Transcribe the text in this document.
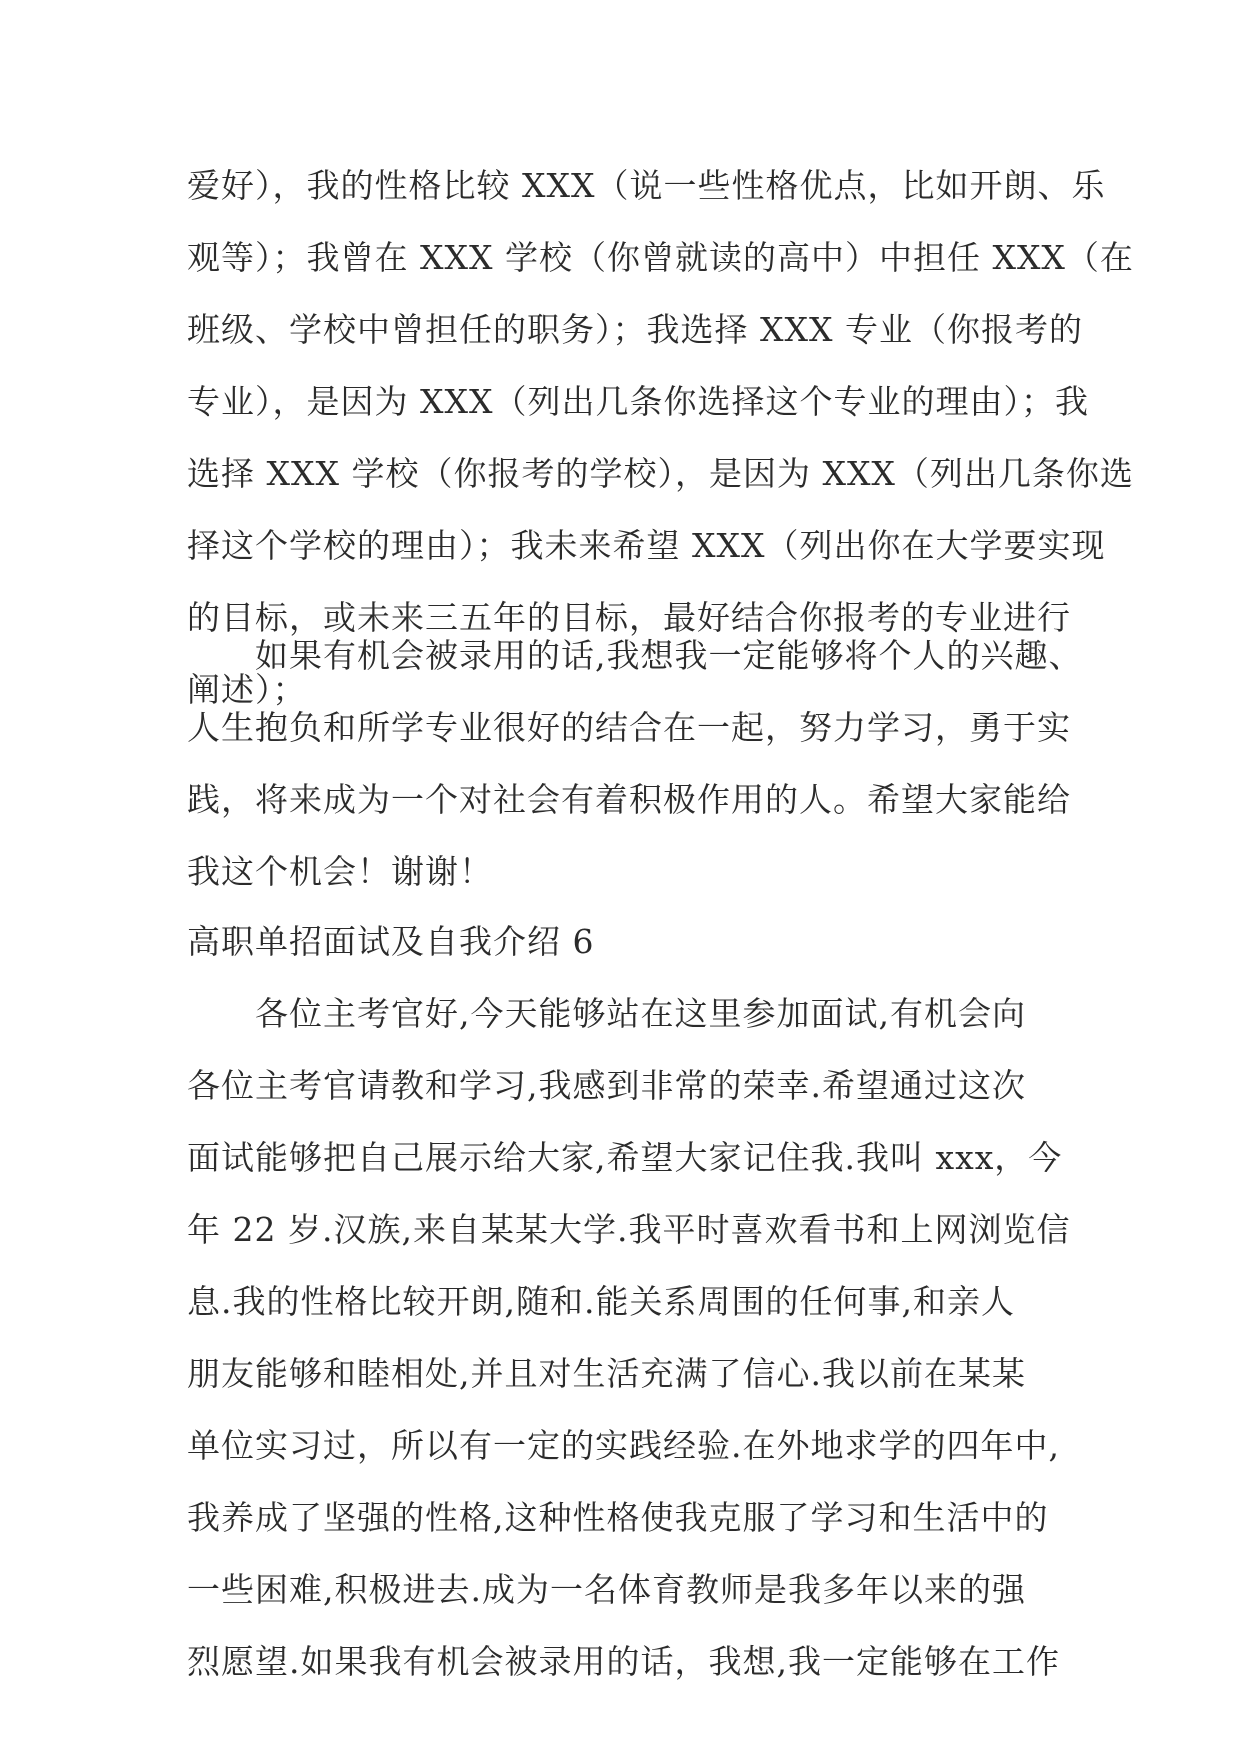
爱好），我的性格比较 XXX（说一些性格优点，比如开朗、乐
观等）；我曾在 XXX 学校（你曾就读的高中）中担任 XXX（在
班级、学校中曾担任的职务）；我选择 XXX 专业（你报考的
专业），是因为 XXX（列出几条你选择这个专业的理由）；我
选择 XXX 学校（你报考的学校），是因为 XXX（列出几条你选
择这个学校的理由）；我未来希望 XXX（列出你在大学要实现
的目标，或未来三五年的目标，最好结合你报考的专业进行
阐述）；
如果有机会被录用的话,我想我一定能够将个人的兴趣、
人生抱负和所学专业很好的结合在一起，努力学习，勇于实
践，将来成为一个对社会有着积极作用的人。希望大家能给
我这个机会！谢谢！
高职单招面试及自我介绍 6
各位主考官好,今天能够站在这里参加面试,有机会向
各位主考官请教和学习,我感到非常的荣幸.希望通过这次
面试能够把自己展示给大家,希望大家记住我.我叫 xxx，今
年 22 岁.汉族,来自某某大学.我平时喜欢看书和上网浏览信
息.我的性格比较开朗,随和.能关系周围的任何事,和亲人
朋友能够和睦相处,并且对生活充满了信心.我以前在某某
单位实习过，所以有一定的实践经验.在外地求学的四年中,
我养成了坚强的性格,这种性格使我克服了学习和生活中的
一些困难,积极进去.成为一名体育教师是我多年以来的强
烈愿望.如果我有机会被录用的话，我想,我一定能够在工作
